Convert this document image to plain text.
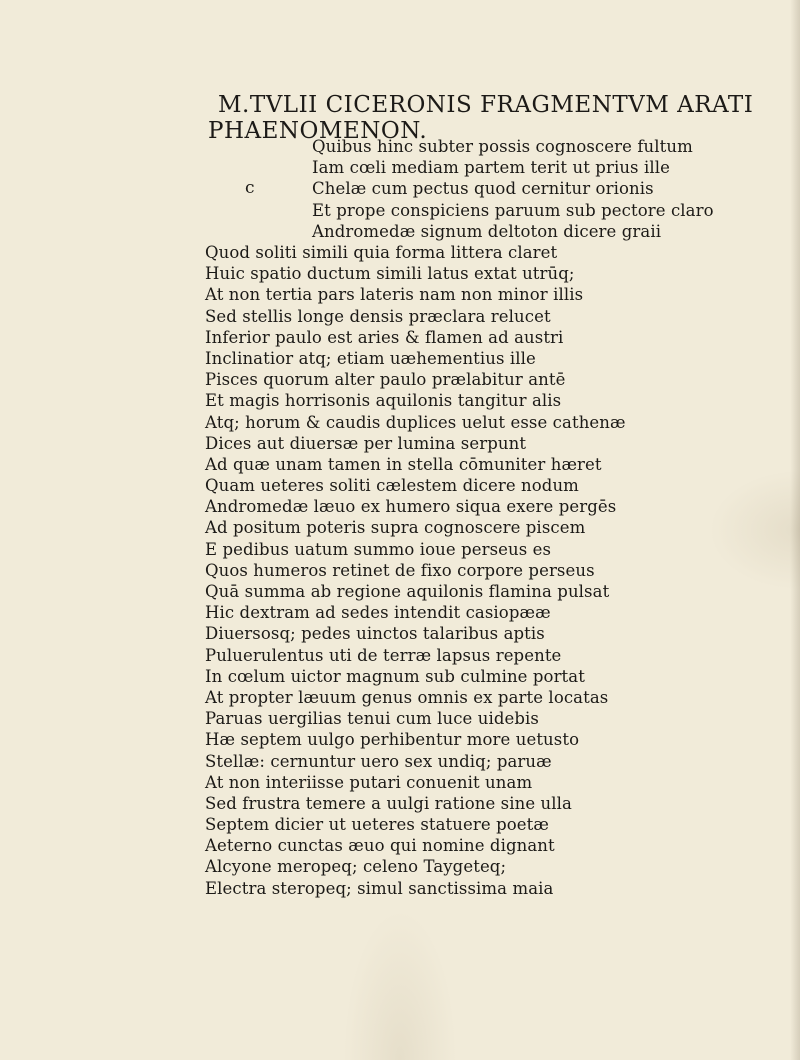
M.TVLII CICERONIS FRAGMENTVM ARATI
PHAENOMENON.
c
Quibus hinc subter possis cognoscere fultum
Iam cœli mediam partem terit ut prius ille
Chelæ cum pectus quod cernitur orionis
Et prope conspiciens paruum sub pectore claro
Andromedæ signum deltoton dicere graii
Quod soliti simili quia forma littera claret
Huic spatio ductum simili latus extat utrūq;
At non tertia pars lateris nam non minor illis
Sed stellis longe densis præclara relucet
Inferior paulo est aries & flamen ad austri
Inclinatior atq; etiam uæhementius ille
Pisces quorum alter paulo prælabitur antē
Et magis horrisonis aquilonis tangitur alis
Atq; horum & caudis duplices uelut esse cathenæ
Dices aut diuersæ per lumina serpunt
Ad quæ unam tamen in stella cōmuniter hæret
Quam ueteres soliti cælestem dicere nodum
Andromedæ læuo ex humero siqua exere pergēs
Ad positum poteris supra cognoscere piscem
E pedibus uatum summo ioue perseus es
Quos humeros retinet de fixo corpore perseus
Quā summa ab regione aquilonis flamina pulsat
Hic dextram ad sedes intendit casiopææ
Diuersosq; pedes uinctos talaribus aptis
Puluerulentus uti de terræ lapsus repente
In cœlum uictor magnum sub culmine portat
At propter læuum genus omnis ex parte locatas
Paruas uergilias tenui cum luce uidebis
Hæ septem uulgo perhibentur more uetusto
Stellæ: cernuntur uero sex undiq; paruæ
At non interiisse putari conuenit unam
Sed frustra temere a uulgi ratione sine ulla
Septem dicier ut ueteres statuere poetæ
Aeterno cunctas æuo qui nomine dignant
Alcyone meropeq; celeno Taygeteq;
Electra steropeq; simul sanctissima maia
